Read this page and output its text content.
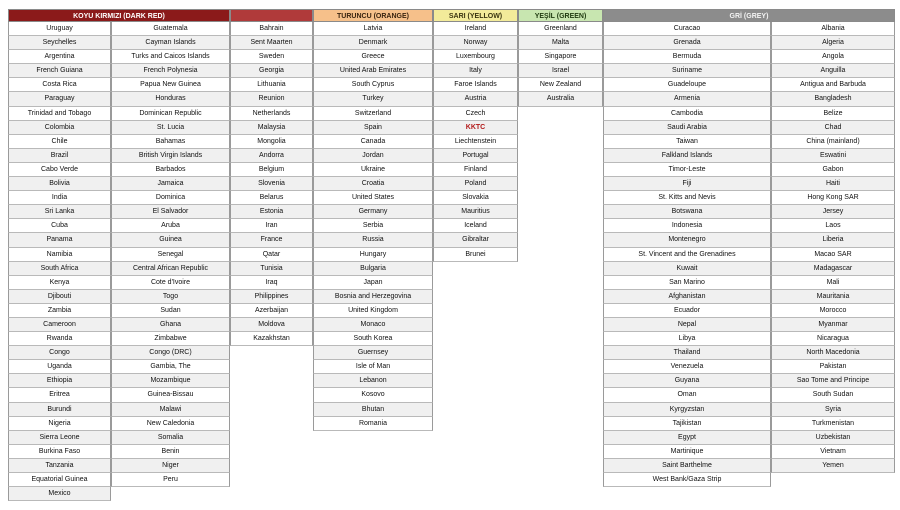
KOYU KIRMIZI (DARK RED)
Uruguay
Seychelles
Argentina
French Guiana
Costa Rica
Paraguay
Trinidad and Tobago
Colombia
Chile
Brazil
Cabo Verde
Bolivia
India
Sri Lanka
Cuba
Panama
Namibia
South Africa
Kenya
Djibouti
Zambia
Cameroon
Rwanda
Congo
Uganda
Ethiopia
Eritrea
Burundi
Nigeria
Sierra Leone
Burkina Faso
Tanzania
Equatorial Guinea
Mexico
Guatemala
Cayman Islands
Turks and Caicos Islands
French Polynesia
Papua New Guinea
Honduras
Dominican Republic
St. Lucia
Bahamas
British Virgin Islands
Barbados
Jamaica
Dominica
El Salvador
Aruba
Guinea
Senegal
Central African Republic
Cote d'Ivoire
Togo
Sudan
Ghana
Zimbabwe
Congo (DRC)
Gambia, The
Mozambique
Guinea-Bissau
Malawi
New Caledonia
Somalia
Benin
Niger
Peru
Bahrain
Sent Maarten
Sweden
Georgia
Lithuania
Reunion
Netherlands
Malaysia
Mongolia
Andorra
Belgium
Slovenia
Belarus
Estonia
Iran
France
Qatar
Tunisia
Iraq
Philippines
Azerbaijan
Moldova
Kazakhstan
TURUNCU (ORANGE)
Latvia
Denmark
Greece
United Arab Emirates
South Cyprus
Turkey
Switzerland
Spain
Canada
Jordan
Ukraine
Croatia
United States
Germany
Serbia
Russia
Hungary
Bulgaria
Japan
Bosnia and Herzegovina
United Kingdom
Monaco
South Korea
Guernsey
Isle of Man
Lebanon
Kosovo
Bhutan
Romania
SARI (YELLOW)
Ireland
Norway
Luxembourg
Italy
Faroe Islands
Austria
Czech
KKTC
Liechtenstein
Portugal
Finland
Poland
Slovakia
Mauritius
Iceland
Gibraltar
Brunei
YEŞİL (GREEN)
Greenland
Malta
Singapore
Israel
New Zealand
Australia
GRİ (GREY)
Curacao
Grenada
Bermuda
Suriname
Guadeloupe
Armenia
Cambodia
Saudi Arabia
Taiwan
Falkland Islands
Timor-Leste
Fiji
St. Kitts and Nevis
Botswana
Indonesia
Montenegro
St. Vincent and the Grenadines
Kuwait
San Marino
Afghanistan
Ecuador
Nepal
Libya
Thailand
Venezuela
Guyana
Oman
Kyrgyzstan
Tajikistan
Egypt
Martinique
Saint Barthelme
West Bank/Gaza Strip
Albania
Algeria
Angola
Anguilla
Antigua and Barbuda
Bangladesh
Belize
Chad
China (mainland)
Eswatini
Gabon
Haiti
Hong Kong SAR
Jersey
Laos
Liberia
Macao SAR
Madagascar
Mali
Mauritania
Morocco
Myanmar
Nicaragua
North Macedonia
Pakistan
Sao Tome and Principe
South Sudan
Syria
Turkmenistan
Uzbekistan
Vietnam
Yemen
